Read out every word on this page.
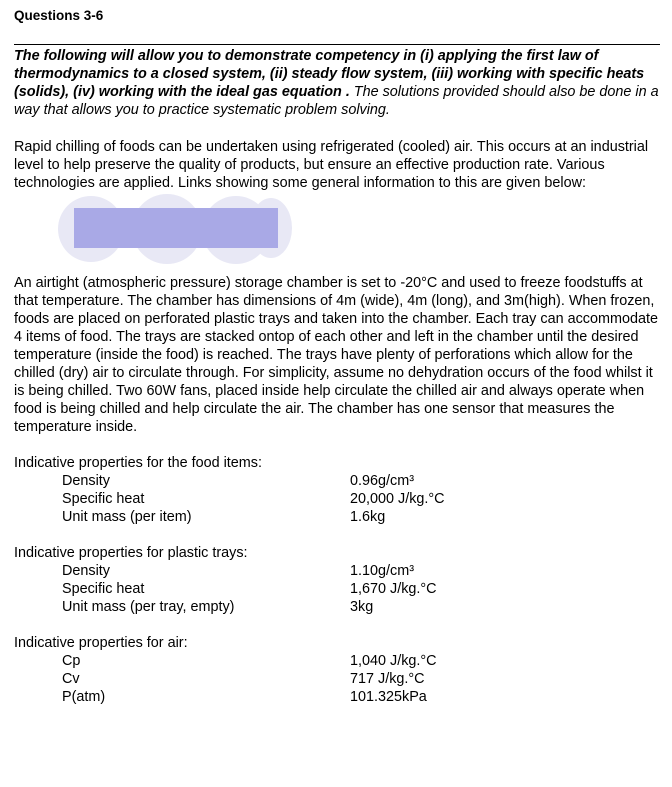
Questions 3-6
The following will allow you to demonstrate competency in (i) applying the first law of thermodynamics to a closed system, (ii) steady flow system, (iii) working with specific heats (solids), (iv) working with the ideal gas equation . The solutions provided should also be done in a way that allows you to practice systematic problem solving.

Rapid chilling of foods can be undertaken using refrigerated (cooled) air. This occurs at an industrial level to help preserve the quality of products, but ensure an effective production rate. Various technologies are applied. Links showing some general information to this are given below:

An airtight (atmospheric pressure) storage chamber is set to -20°C and used to freeze foodstuffs at that temperature. The chamber has dimensions of 4m (wide), 4m (long), and 3m(high). When frozen, foods are placed on perforated plastic trays and taken into the chamber. Each tray can accommodate 4 items of food. The trays are stacked ontop of each other and left in the chamber until the desired temperature (inside the food) is reached. The trays have plenty of perforations which allow for the chilled (dry) air to circulate through. For simplicity, assume no dehydration occurs of the food whilst it is being chilled. Two 60W fans, placed inside help circulate the chilled air and always operate when food is being chilled and help circulate the air. The chamber has one sensor that measures the temperature inside.

Indicative properties for the food items:
Density	0.96g/cm³
Specific heat	20,000 J/kg.°C
Unit mass (per item)	1.6kg
Indicative properties for plastic trays:
Density	1.10g/cm³
Specific heat	1,670 J/kg.°C
Unit mass (per tray, empty)	3kg
Indicative properties for air:
Cp	1,040 J/kg.°C
Cv	717 J/kg.°C
P(atm)	101.325kPa
